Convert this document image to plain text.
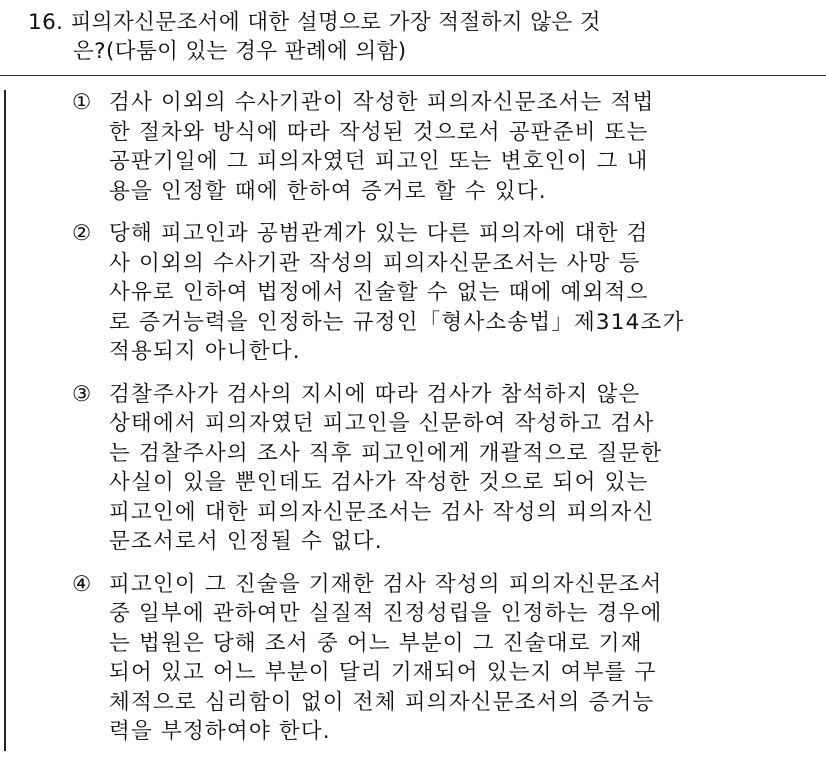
16. 피의자신문조서에 대한 설명으로 가장 적절하지 않은 것
은?(다툼이 있는 경우 판례에 의함)
① 검사 이외의 수사기관이 작성한 피의자신문조서는 적법
한 절차와 방식에 따라 작성된 것으로서 공판준비 또는
공판기일에 그 피의자였던 피고인 또는 변호인이 그 내
용을 인정할 때에 한하여 증거로 할 수 있다.
② 당해 피고인과 공범관계가 있는 다른 피의자에 대한 검
사 이외의 수사기관 작성의 피의자신문조서는 사망 등
사유로 인하여 법정에서 진술할 수 없는 때에 예외적으
로 증거능력을 인정하는 규정인「형사소송법」제314조가
적용되지 아니한다.
③ 검찰주사가 검사의 지시에 따라 검사가 참석하지 않은
상태에서 피의자였던 피고인을 신문하여 작성하고 검사
는 검찰주사의 조사 직후 피고인에게 개괄적으로 질문한
사실이 있을 뿐인데도 검사가 작성한 것으로 되어 있는
피고인에 대한 피의자신문조서는 검사 작성의 피의자신
문조서로서 인정될 수 없다.
④ 피고인이 그 진술을 기재한 검사 작성의 피의자신문조서
중 일부에 관하여만 실질적 진정성립을 인정하는 경우에
는 법원은 당해 조서 중 어느 부분이 그 진술대로 기재
되어 있고 어느 부분이 달리 기재되어 있는지 여부를 구
체적으로 심리함이 없이 전체 피의자신문조서의 증거능
력을 부정하여야 한다.
